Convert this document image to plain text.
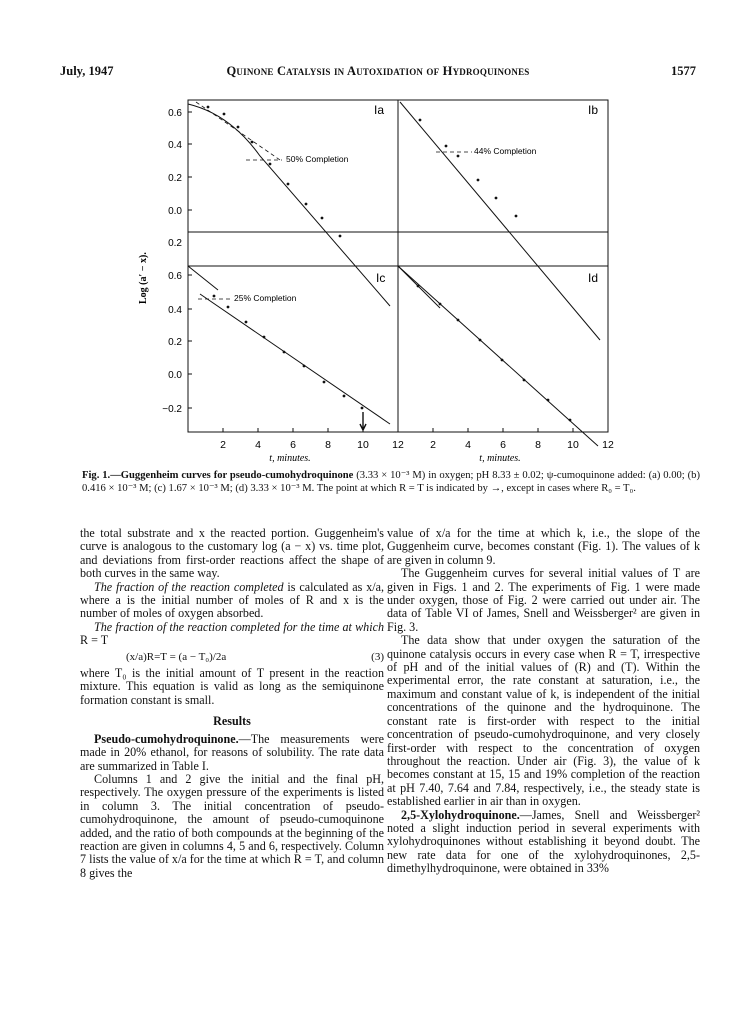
July, 1947	Quinone Catalysis in Autoxidation of Hydroquinones	1577
Ia	Ib
Ic	Id
0.6
0.4
0.2
0.0
0.2
0.6
0.4
0.2
0.0
−0.2
Log (a′ − x).
2	4	6	8 10 12 2	4	6	8 10 12
t, minutes.	t, minutes.
50% Completion
44% Completion
25% Completion
Fig. 1.—Guggenheim curves for pseudo-cumohydroquinone (3.33 × 10⁻³ M) in oxygen; pH 8.33 ± 0.02; ψ-cumoquinone added: (a) 0.00; (b) 0.416 × 10⁻³ M; (c) 1.67 × 10⁻³ M; (d) 3.33 × 10⁻³ M. The point at which R = T is indicated by →, except in cases where R₀ = T₀.

the total substrate and x the reacted portion. Guggenheim's curve is analogous to the customary log (a − x) vs. time plot, and deviations from first-order reactions affect the shape of both curves in the same way.

The fraction of the reaction completed is calculated as x/a, where a is the initial number of moles of R and x is the number of moles of oxygen absorbed.

The fraction of the reaction completed for the time at which R = T

(x/a)R=T = (a − T₀)/2a	(3)

where T₀ is the initial amount of T present in the reaction mixture. This equation is valid as long as the semiquinone formation constant is small.

Results

Pseudo-cumohydroquinone.—The measurements were made in 20% ethanol, for reasons of solubility. The rate data are summarized in Table I.

Columns 1 and 2 give the initial and the final pH, respectively. The oxygen pressure of the experiments is listed in column 3. The initial concentration of pseudo-cumohydroquinone, the amount of pseudo-cumoquinone added, and the ratio of both compounds at the beginning of the reaction are given in columns 4, 5 and 6, respectively. Column 7 lists the value of x/a for the time at which R = T, and column 8 gives the

value of x/a for the time at which k, i.e., the slope of the Guggenheim curve, becomes constant (Fig. 1). The values of k are given in column 9.

The Guggenheim curves for several initial values of T are given in Figs. 1 and 2. The experiments of Fig. 1 were made under oxygen, those of Fig. 2 were carried out under air. The data of Table VI of James, Snell and Weissberger² are given in Fig. 3.

The data show that under oxygen the saturation of the quinone catalysis occurs in every case when R = T, irrespective of pH and of the initial values of (R) and (T). Within the experimental error, the rate constant at saturation, i.e., the maximum and constant value of k, is independent of the initial concentrations of the quinone and the hydroquinone. The constant rate is first-order with respect to the initial concentration of pseudo-cumohydroquinone, and very closely first-order with respect to the concentration of oxygen throughout the reaction. Under air (Fig. 3), the value of k becomes constant at 15, 15 and 19% completion of the reaction at pH 7.40, 7.64 and 7.84, respectively, i.e., the steady state is established earlier in air than in oxygen.

2,5-Xylohydroquinone.—James, Snell and Weissberger² noted a slight induction period in several experiments with xylohydroquinones without establishing it beyond doubt. The new rate data for one of the xylohydroquinones, 2,5-dimethylhydroquinone, were obtained in 33%
